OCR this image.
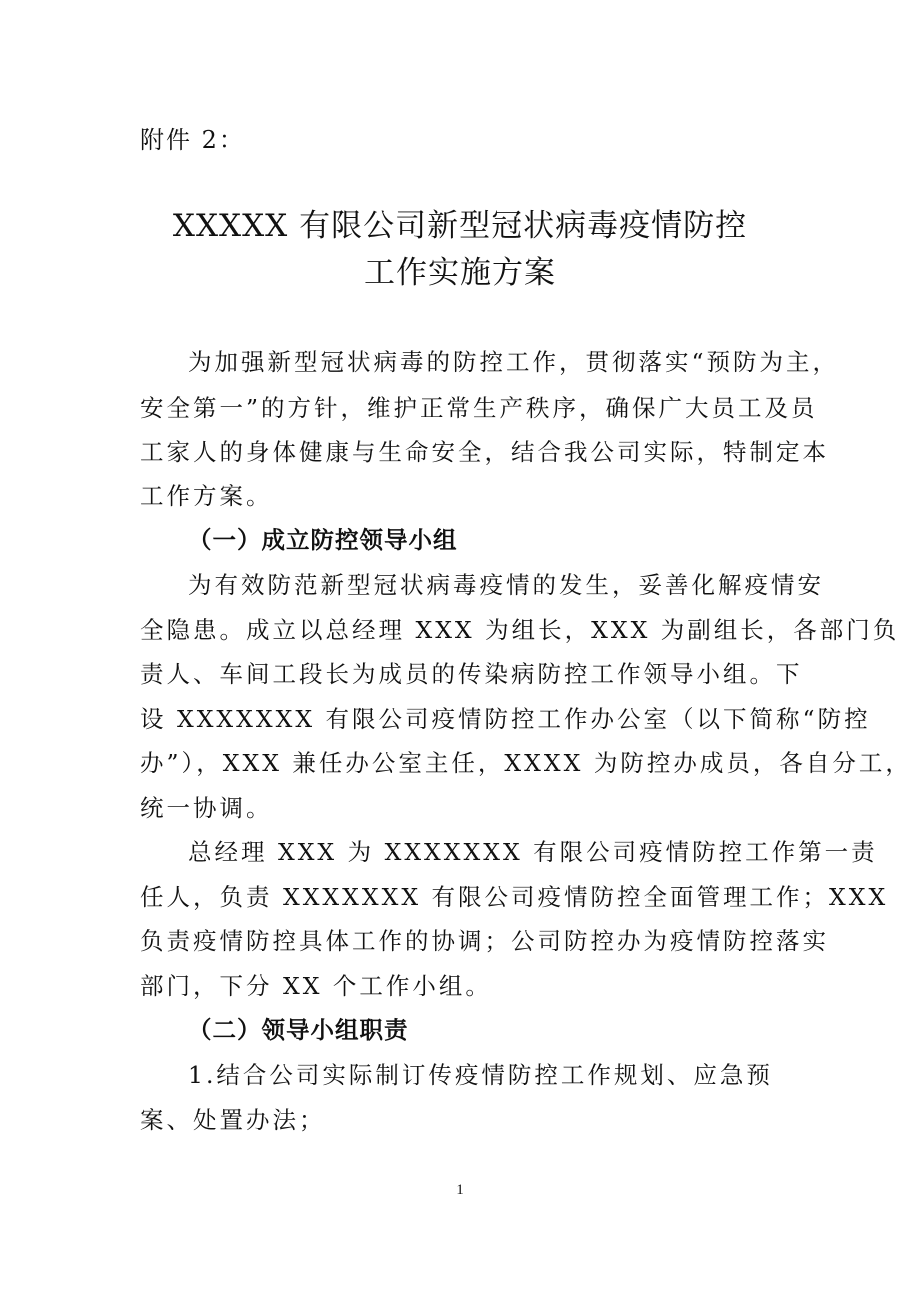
附件 2：
XXXXX 有限公司新型冠状病毒疫情防控
工作实施方案
为加强新型冠状病毒的防控工作，贯彻落实“预防为主，
安全第一”的方针，维护正常生产秩序，确保广大员工及员
工家人的身体健康与生命安全，结合我公司实际，特制定本
工作方案。
（一）成立防控领导小组
为有效防范新型冠状病毒疫情的发生，妥善化解疫情安
全隐患。成立以总经理 XXX 为组长，XXX 为副组长，各部门负
责人、车间工段长为成员的传染病防控工作领导小组。下
设 XXXXXXX 有限公司疫情防控工作办公室（以下简称“防控
办”），XXX 兼任办公室主任，XXXX 为防控办成员，各自分工，
统一协调。
总经理 XXX 为 XXXXXXX 有限公司疫情防控工作第一责
任人，负责 XXXXXXX 有限公司疫情防控全面管理工作；XXX
负责疫情防控具体工作的协调；公司防控办为疫情防控落实
部门，下分 XX 个工作小组。
（二）领导小组职责
1.结合公司实际制订传疫情防控工作规划、应急预
案、处置办法；
1
